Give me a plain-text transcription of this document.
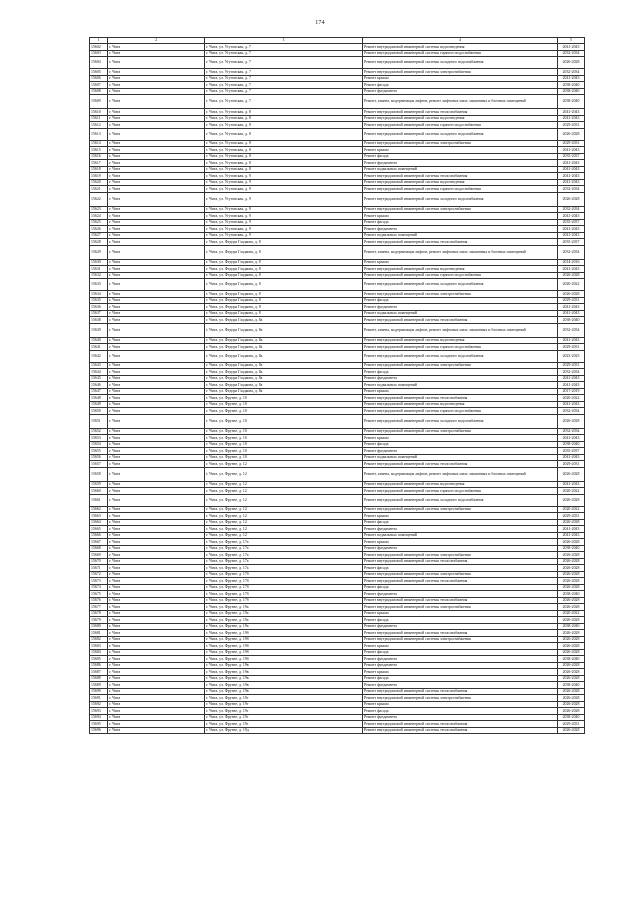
174
1	2	3	4	5
15602	г. Чита	г. Чита, ул. Угуговская, д. 7	Ремонт внутридомовой инженерной системы водоотведения	2041-2043
15603	г. Чита	г. Чита, ул. Угуговская, д. 7	Ремонт внутридомовой инженерной системы горячего водоснабжения	2032-2034
15604	г. Чита	г. Чита, ул. Угуговская, д. 7	Ремонт внутридомовой инженерной системы холодного водоснабжения	2026-2028
15605	г. Чита	г. Чита, ул. Угуговская, д. 7	Ремонт внутридомовой инженерной системы электроснабжения	2032-2034
15606	г. Чита	г. Чита, ул. Угуговская, д. 7	Ремонт крыши	2041-2043
15607	г. Чита	г. Чита, ул. Угуговская, д. 7	Ремонт фасада	2038-2040
15608	г. Чита	г. Чита, ул. Угуговская, д. 7	Ремонт фундамента	2038-2040
15609	г. Чита	г. Чита, ул. Угуговская, д. 7	Ремонт, замена, модернизация лифтов, ремонт лифтовых шахт, машинных и блочных помещений	2038-2040
15610	г. Чита	г. Чита, ул. Угуговская, д. 8	Ремонт внутридомовой инженерной системы теплоснабжения	2041-2043
15611	г. Чита	г. Чита, ул. Угуговская, д. 8	Ремонт внутридомовой инженерной системы водоотведения	2041-2043
15612	г. Чита	г. Чита, ул. Угуговская, д. 8	Ремонт внутридомовой инженерной системы горячего водоснабжения	2029-2031
15613	г. Чита	г. Чита, ул. Угуговская, д. 8	Ремонт внутридомовой инженерной системы холодного водоснабжения	2026-2028
15614	г. Чита	г. Чита, ул. Угуговская, д. 8	Ремонт внутридомовой инженерной системы электроснабжения	2029-2031
15615	г. Чита	г. Чита, ул. Угуговская, д. 8	Ремонт крыши	2041-2043
15616	г. Чита	г. Чита, ул. Угуговская, д. 8	Ремонт фасада	2035-2037
15617	г. Чита	г. Чита, ул. Угуговская, д. 8	Ремонт фундамента	2041-2043
15618	г. Чита	г. Чита, ул. Угуговская, д. 8	Ремонт подвальных помещений	2041-2043
15619	г. Чита	г. Чита, ул. Угуговская, д. 9	Ремонт внутридомовой инженерной системы теплоснабжения	2041-2043
15620	г. Чита	г. Чита, ул. Угуговская, д. 9	Ремонт внутридомовой инженерной системы водоотведения	2041-2043
15621	г. Чита	г. Чита, ул. Угуговская, д. 9	Ремонт внутридомовой инженерной системы горячего водоснабжения	2032-2034
15622	г. Чита	г. Чита, ул. Угуговская, д. 9	Ремонт внутридомовой инженерной системы холодного водоснабжения	2026-2028
15623	г. Чита	г. Чита, ул. Угуговская, д. 9	Ремонт внутридомовой инженерной системы электроснабжения	2032-2034
15624	г. Чита	г. Чита, ул. Угуговская, д. 9	Ремонт крыши	2041-2043
15625	г. Чита	г. Чита, ул. Угуговская, д. 9	Ремонт фасада	2035-2037
15626	г. Чита	г. Чита, ул. Угуговская, д. 9	Ремонт фундамента	2041-2043
15627	г. Чита	г. Чита, ул. Угуговская, д. 9	Ремонт подвальных помещений	2041-2043
15628	г. Чита	г. Чита, ул. Федора Гладкова, д. 8	Ремонт внутридомовой инженерной системы теплоснабжения	2035-2037
15629	г. Чита	г. Чита, ул. Федора Гладкова, д. 8	Ремонт, замена, модернизация лифтов, ремонт лифтовых шахт, машинных и блочных помещений	2032-2034
15630	г. Чита	г. Чита, ул. Федора Гладкова, д. 8	Ремонт крыши	2014-2016
15631	г. Чита	г. Чита, ул. Федора Гладкова, д. 8	Ремонт внутридомовой инженерной системы водоотведения	2041-2043
15632	г. Чита	г. Чита, ул. Федора Гладкова, д. 8	Ремонт внутридомовой инженерной системы горячего водоснабжения	2026-2028
15633	г. Чита	г. Чита, ул. Федора Гладкова, д. 8	Ремонт внутридомовой инженерной системы холодного водоснабжения	2020-2022
15634	г. Чита	г. Чита, ул. Федора Гладкова, д. 8	Ремонт внутридомовой инженерной системы электроснабжения	2026-2028
15635	г. Чита	г. Чита, ул. Федора Гладкова, д. 8	Ремонт фасада	2029-2031
15636	г. Чита	г. Чита, ул. Федора Гладкова, д. 8	Ремонт фундамента	2041-2043
15637	г. Чита	г. Чита, ул. Федора Гладкова, д. 8	Ремонт подвальных помещений	2041-2043
15638	г. Чита	г. Чита, ул. Федора Гладкова, д. 8а	Ремонт внутридомовой инженерной системы теплоснабжения	2038-2040
15639	г. Чита	г. Чита, ул. Федора Гладкова, д. 8а	Ремонт, замена, модернизация лифтов, ремонт лифтовых шахт, машинных и блочных помещений	2032-2034
15640	г. Чита	г. Чита, ул. Федора Гладкова, д. 8а	Ремонт внутридомовой инженерной системы водоотведения	2041-2043
15641	г. Чита	г. Чита, ул. Федора Гладкова, д. 8а	Ремонт внутридомовой инженерной системы горячего водоснабжения	2029-2031
15642	г. Чита	г. Чита, ул. Федора Гладкова, д. 8а	Ремонт внутридомовой инженерной системы холодного водоснабжения	2023-2025
15643	г. Чита	г. Чита, ул. Федора Гладкова, д. 8а	Ремонт внутридомовой инженерной системы электроснабжения	2029-2031
15644	г. Чита	г. Чита, ул. Федора Гладкова, д. 8а	Ремонт фасада	2032-2034
15645	г. Чита	г. Чита, ул. Федора Гладкова, д. 8а	Ремонт фундамента	2041-2043
15646	г. Чита	г. Чита, ул. Федора Гладкова, д. 8а	Ремонт подвальных помещений	2041-2043
15647	г. Чита	г. Чита, ул. Федора Гладкова, д. 8а	Ремонт крыши	2017-2019
15648	г. Чита	г. Чита, ул. Фрунзе, д. 10	Ремонт внутридомовой инженерной системы теплоснабжения	2020-2022
15649	г. Чита	г. Чита, ул. Фрунзе, д. 10	Ремонт внутридомовой инженерной системы водоотведения	2041-2043
15650	г. Чита	г. Чита, ул. Фрунзе, д. 10	Ремонт внутридомовой инженерной системы горячего водоснабжения	2032-2034
15651	г. Чита	г. Чита, ул. Фрунзе, д. 10	Ремонт внутридомовой инженерной системы холодного водоснабжения	2026-2028
15652	г. Чита	г. Чита, ул. Фрунзе, д. 10	Ремонт внутридомовой инженерной системы электроснабжения	2032-2034
15653	г. Чита	г. Чита, ул. Фрунзе, д. 10	Ремонт крыши	2041-2043
15654	г. Чита	г. Чита, ул. Фрунзе, д. 10	Ремонт фасада	2038-2040
15655	г. Чита	г. Чита, ул. Фрунзе, д. 10	Ремонт фундамента	2035-2037
15656	г. Чита	г. Чита, ул. Фрунзе, д. 10	Ремонт подвальных помещений	2041-2043
15657	г. Чита	г. Чита, ул. Фрунзе, д. 12	Ремонт внутридомовой инженерной системы теплоснабжения	2029-2031
15658	г. Чита	г. Чита, ул. Фрунзе, д. 12	Ремонт, замена, модернизация лифтов, ремонт лифтовых шахт, машинных и блочных помещений	2026-2028
15659	г. Чита	г. Чита, ул. Фрунзе, д. 12	Ремонт внутридомовой инженерной системы водоотведения	2041-2043
15660	г. Чита	г. Чита, ул. Фрунзе, д. 12	Ремонт внутридомовой инженерной системы горячего водоснабжения	2020-2022
15661	г. Чита	г. Чита, ул. Фрунзе, д. 12	Ремонт внутридомовой инженерной системы холодного водоснабжения	2026-2028
15662	г. Чита	г. Чита, ул. Фрунзе, д. 12	Ремонт внутридомовой инженерной системы электроснабжения	2020-2022
15663	г. Чита	г. Чита, ул. Фрунзе, д. 12	Ремонт крыши	2029-2031
15664	г. Чита	г. Чита, ул. Фрунзе, д. 12	Ремонт фасада	2026-2028
15665	г. Чита	г. Чита, ул. Фрунзе, д. 12	Ремонт фундамента	2041-2043
15666	г. Чита	г. Чита, ул. Фрунзе, д. 12	Ремонт подвальных помещений	2041-2043
15667	г. Чита	г. Чита, ул. Фрунзе, д. 17а	Ремонт крыши	2026-2028
15668	г. Чита	г. Чита, ул. Фрунзе, д. 17а	Ремонт фундамента	2038-2040
15669	г. Чита	г. Чита, ул. Фрунзе, д. 17а	Ремонт внутридомовой инженерной системы электроснабжения	2026-2028
15670	г. Чита	г. Чита, ул. Фрунзе, д. 17а	Ремонт внутридомовой инженерной системы теплоснабжения	2026-2028
15671	г. Чита	г. Чита, ул. Фрунзе, д. 17а	Ремонт фасада	2026-2028
15672	г. Чита	г. Чита, ул. Фрунзе, д. 17б	Ремонт внутридомовой инженерной системы электроснабжения	2026-2028
15673	г. Чита	г. Чита, ул. Фрунзе, д. 17б	Ремонт внутридомовой инженерной системы теплоснабжения	2026-2028
15674	г. Чита	г. Чита, ул. Фрунзе, д. 17б	Ремонт фасада	2026-2028
15675	г. Чита	г. Чита, ул. Фрунзе, д. 17б	Ремонт фундамента	2038-2040
15676	г. Чита	г. Чита, ул. Фрунзе, д. 17б	Ремонт внутридомовой инженерной системы теплоснабжения	2026-2028
15677	г. Чита	г. Чита, ул. Фрунзе, д. 19а	Ремонт внутридомовой инженерной системы электроснабжения	2026-2028
15678	г. Чита	г. Чита, ул. Фрунзе, д. 19а	Ремонт крыши	2020-2022
15679	г. Чита	г. Чита, ул. Фрунзе, д. 19а	Ремонт фасада	2026-2028
15680	г. Чита	г. Чита, ул. Фрунзе, д. 19а	Ремонт фундамента	2038-2040
15681	г. Чита	г. Чита, ул. Фрунзе, д. 19б	Ремонт внутридомовой инженерной системы теплоснабжения	2026-2028
15682	г. Чита	г. Чита, ул. Фрунзе, д. 19б	Ремонт внутридомовой инженерной системы электроснабжения	2026-2028
15683	г. Чита	г. Чита, ул. Фрунзе, д. 19б	Ремонт крыши	2026-2028
15684	г. Чита	г. Чита, ул. Фрунзе, д. 19б	Ремонт фасада	2026-2028
15685	г. Чита	г. Чита, ул. Фрунзе, д. 19б	Ремонт фундамента	2038-2040
15686	г. Чита	г. Чита, ул. Фрунзе, д. 19в	Ремонт фундамента	2026-2028
15687	г. Чита	г. Чита, ул. Фрунзе, д. 19в	Ремонт крыши	2026-2028
15688	г. Чита	г. Чита, ул. Фрунзе, д. 19в	Ремонт фасада	2026-2028
15689	г. Чита	г. Чита, ул. Фрунзе, д. 19в	Ремонт фундамента	2038-2040
15690	г. Чита	г. Чита, ул. Фрунзе, д. 19в	Ремонт внутридомовой инженерной системы теплоснабжения	2026-2028
15691	г. Чита	г. Чита, ул. Фрунзе, д. 19г	Ремонт внутридомовой инженерной системы электроснабжения	2026-2028
15692	г. Чита	г. Чита, ул. Фрунзе, д. 19г	Ремонт крыши	2026-2028
15693	г. Чита	г. Чита, ул. Фрунзе, д. 19г	Ремонт фасада	2026-2028
15694	г. Чита	г. Чита, ул. Фрунзе, д. 19г	Ремонт фундамента	2038-2040
15695	г. Чита	г. Чита, ул. Фрунзе, д. 19г	Ремонт внутридомовой инженерной системы теплоснабжения	2029-2031
15696	г. Чита	г. Чита, ул. Фрунзе, д. 19д	Ремонт внутридомовой инженерной системы теплоснабжения	2026-2028
